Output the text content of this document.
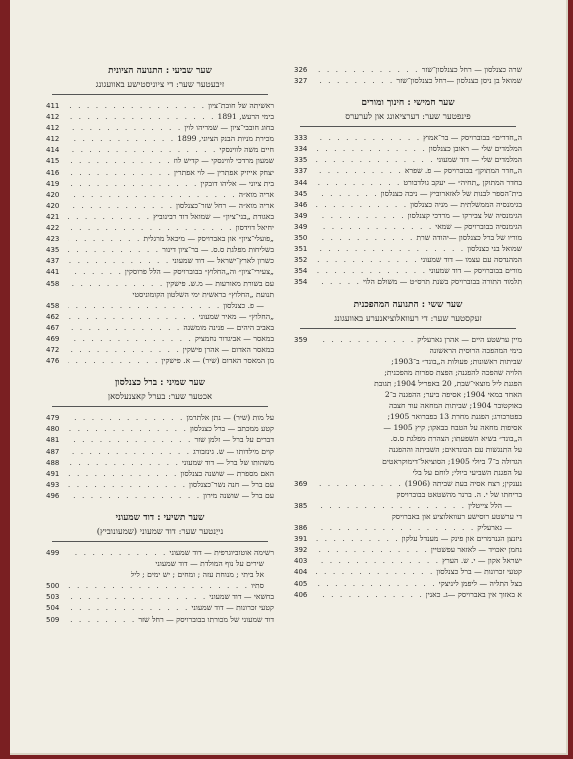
שרה כצנלסון — רחל כצנלסון־שזר
. . .
326
שמואל בן ניסן כצנלסון —רחל כצנלסון־שזר
. . .
327
שער חמישי : חינוך ומורים
פינפטער שער: דערציאונג און לערערס
ה„חדרים״ בבוברויסק — בר־אמוץ
. . .
333
המלמדים שלי — ראובן כצנלסון
. . .
334
המלמדים שלי — דוד שמעוני
. . .
335
ה„חדר המתוקן״ בבוברויסק — פ. שפרא
. . .
337
בחדר המתוקן „תחיה״ — יעקב גולדבורט
. . .
344
בית־הספר לבנות של לאזארוביץ — ניבה כצנלסון
. . .
345
בגימנסיה הממשלתית — מניה כצנלסון
. . .
346
הגימנסיה של צבירקו — מרדכי קצנלסון
. . .
349
הגימנסיה בבוברויסק — שמאי
. . .
349
מוריו של ברל כצנלסון —יהודה שרת
. . .
350
שמואל בני כצנלסון
. . .
351
המהנדסה עם עצמו — דוד שמעוני
. . .
352
מורים בבוברויסק — דוד שמעוני
. . .
354
תלמוד התורה בבוברויסק בשנת תרס״ט — משולם הלוי
. . .
354
שער ששי : התנועה המהפכנית
זעקסטער שער: די רעוואלוציאנערע באוועגונג
מיין ערשטע היים — אהרן גארעליק
. . .
359
בימי המהפכה הרוסית הראשונה
שביתות ראשונות; פעולות ה„בונד״ ב־1903;
הלויה שהפכה להפגנה; הפצת ספרות מהפכנית;
הפגנת ליל מוצאי־שבת, 20 באפריל 1904; תגובת
האחד במאי 1904; אסיפה ביער; ההפגנה ב־2
באוקטובר 1904; שביתות המחאה עוד חצבה
בפטרבורג; הפגנת מחרת 13 בפברואר 1905;
אסיפות מחאה על הטבח בבאקו; קיץ 1905 —
ה„בונד״ בשיא השפעתו; הצהרת מפלגת ס.ס.
על התנגשות עם הבונדאים; השביתה וההפגנה
הגדולה ב־7 ביולי 1905; הסוציאל־דימוקראטים
על הפגנת השביעי ביולי; לוחם על בלי
נענקין; רצח אסיה בעת שביתה (1906)
. . .
369
בריחתו של י. ה. ברנר מהשטאט בבוברויסק
— הלל צייטלין
. . .
385
די ערשטע רוסישע רעוואלוציע און באברויסק
— גארעליק
. . .
386
ניזנצן הגנרמרים און פינק — מענדל עלקון
. . .
391
נחמן יאכויד — לאזאר עפשטיין
. . .
392
ישראל אקון — י. ש. הערץ
. . .
403
קטעי זכרונות — ברל כצנלסון
. . .
404
בצל התליה — ליפמן ליניצקי
. . .
405
א באזוך אין באברויסק —ג. כאנין
. . .
406
שער שביעי : התנועה הציונית
זיבעטער שער: די ציוניסטישע באוועגונג
ראשיתה של חובת־ציון
. . .
411
בימי הרעש, 1891
. . .
412
בחוג חובבי־ציון — שמריהו לוין
. . .
412
מכירת מניות הבנק הציוני, 1899
. . .
412
חיים משה לווינסקי
. . .
414
שמעון מרדכי לווינסקי — קדיש לוז
. . .
415
יצחק אייזיק אפתרין — לוי אפתרין
. . .
416
בית ציוני — אליהו דובקין
. . .
419
אריה מוא״ה
. . .
420
אריה מוא״ה — רחל שזר־כצנלסון
. . .
420
באגודת „בני־ציון״ — שמואל דוד רבינוביץ
. . .
421
יחיאל דוידסון
. . .
422
„פועלי־ציון״ און באברויסק — מיכאל מרגלית
. . .
423
בשליחות מפלגת ס.ס. — בר־ציון דינור
. . .
435
כשרון לארץ־ישראל — דוד שמעוני
. . .
437
„צעירי־ציון״ וה„החלוץ״ בבוברויסק — הלל פרוסקין
. . .
441
עם בשורת מאורעות — מ.ש. פישקין
. . .
458
תנועת „החלוץ״ בראשית ימי השלטון הקומוניסטי
— פ. כצנלסון
. . .
458
„החלוץ״ — מאיר שמעוני
. . .
462
באביב היהים — פנינה מומשנה
. . .
467
במאסר — אביגדור נחמציק
. . .
469
במאסר האדום — אהרן פישקין
. . .
472
מן המאסר האדום (שיר) — א. פישקין
. . .
476
שער שמיני : ברל כצנלסון
אכטער שער: בערל קאצנעלסאן
על מות (שיר) — נתן אלתרמן
. . .
479
קטע ממכתב — ברל כצנלסון
. . .
480
דברים על ברל — זלמן שזר
. . .
481
קוים מילדותו — ש. גינזבורג
. . .
487
משהותו של ברל — דוד שמעוני
. . .
488
האם מספרת — שושנה כצנלסון
. . .
491
עם ברל — חנה נשר־כצנלסון
. . .
493
עם ברל — שושנה מירון
. . .
496
שער תשיעי : דוד שמעוני
נייַנטער שער: דוד שמעוני (שמעונוביץ)
רשימה אוטוביוגרפית — דוד שמעוני
. . .
499
שירים על נוף המולדת — דוד שמעוני
אל ביתי ; מנוחת עזה ; ומחים ; יש ימים ; ליל
סתיו
. . .
500
בחשאי — דוד שמעוני
. . .
503
קטעי זכרונות — דוד שמעוני
. . .
504
דוד שמעוני של מכורתו בבוברויסק — רחל שזר
. . .
509
